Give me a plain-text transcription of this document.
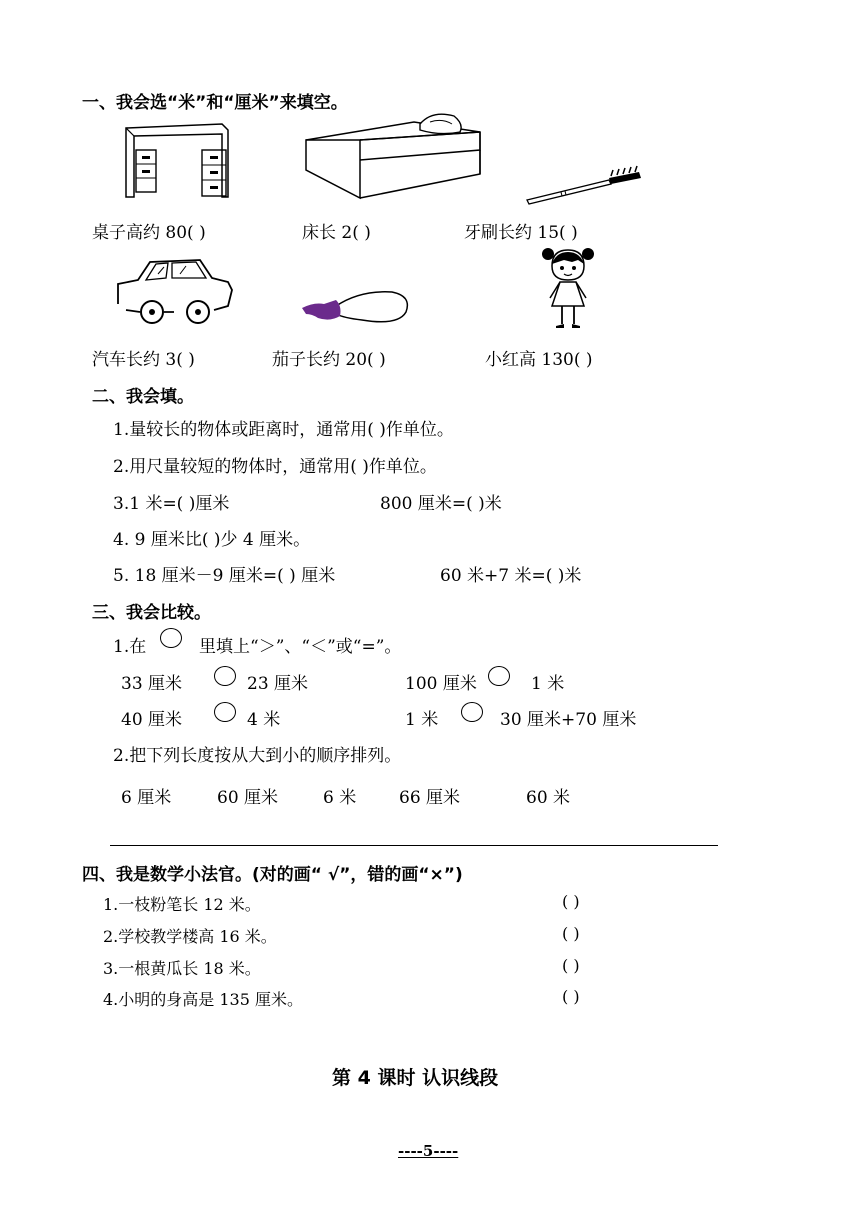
一、我会选“米”和“厘米”来填空。
桌子高约 80( )	床长 2( )	牙刷长约 15( )
汽车长约 3( )	茄子长约 20( )	小红高 130( )
二、我会填。
1.量较长的物体或距离时，通常用( )作单位。
2.用尺量较短的物体时，通常用( )作单位。
3.1 米=( )厘米	800 厘米=( )米
4. 9 厘米比( )少 4 厘米。
5. 18 厘米－9 厘米=( ) 厘米	60 米+7 米=( )米
三、我会比较。
1.在	里填上“＞”、“＜”或“=”。
33 厘米	23 厘米	100 厘米	1 米
40 厘米	4 米	1 米	30 厘米+70 厘米
2.把下列长度按从大到小的顺序排列。
6 厘米	60 厘米	6 米	66 厘米	60 米
四、我是数学小法官。(对的画“ √”，错的画“×”)
1.一枝粉笔长 12 米。	( )
2.学校教学楼高 16 米。	( )
3.一根黄瓜长 18 米。	( )
4.小明的身高是 135 厘米。	( )
第 4 课时 认识线段
----5----
